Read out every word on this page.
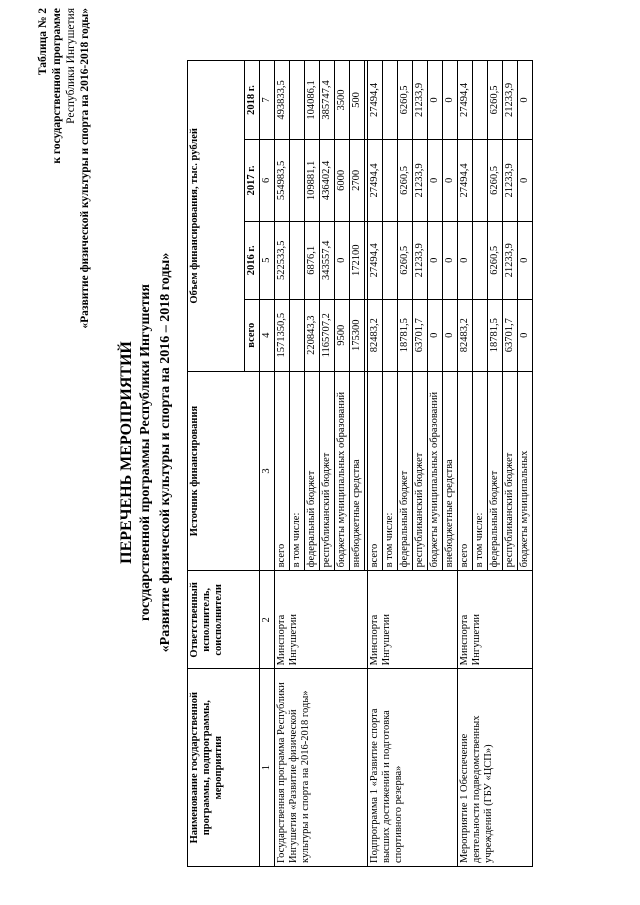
Таблица № 2 к государственной программе Республики Ингушетия «Развитие физической культуры и спорта на 2016-2018 годы»
ПЕРЕЧЕНЬ МЕРОПРИЯТИЙ государственной программы Республики Ингушетия «Развитие физической культуры и спорта на 2016 – 2018 годы»
Наименование государственной программы, подпрограммы, мероприятия	Ответственный исполнитель, соисполнители	Источник финансирования	Объем финансирования, тыс. рублей			
			всего	2016 г.	2017 г.	2018 г.
1	2	3	4	5	6	7
Государственная программа Республики Ингушетия «Развитие физической культуры и спорта на 2016-2018 годы»	Минспорта Ингушетии	всего	1571350,5	522533,5	554983,5	493833,5
		в том числе:				
		федеральный бюджет	220843,3	6876,1	109881,1	104086,1
		республиканский бюджет	1165707,2	343557,4	436402,4	385747,4
		бюджеты муниципальных образований	9500	0	6000	3500
		внебюджетные средства	175300	172100	2700	500

Подпрограмма 1 «Развитие спорта высших достижений и подготовка спортивного резерва»	Минспорта Ингушетии	всего	82483,2	27494,4	27494,4	27494,4
		в том числе:				
		федеральный бюджет	18781,5	6260,5	6260,5	6260,5
		республиканский бюджет	63701,7	21233,9	21233,9	21233,9
		бюджеты муниципальных образований	0	0	0	0
		внебюджетные средства	0	0	0	0
Мероприятие 1 Обеспечение деятельности подведомственных учреждений (ГБУ «ЦСП»)	Минспорта Ингушетии	всего	82483,2	0	27494,4	27494,4
		в том числе:				
		федеральный бюджет	18781,5	6260,5	6260,5	6260,5
		республиканский бюджет	63701,7	21233,9	21233,9	21233,9
		бюджеты муниципальных	0	0	0	0
